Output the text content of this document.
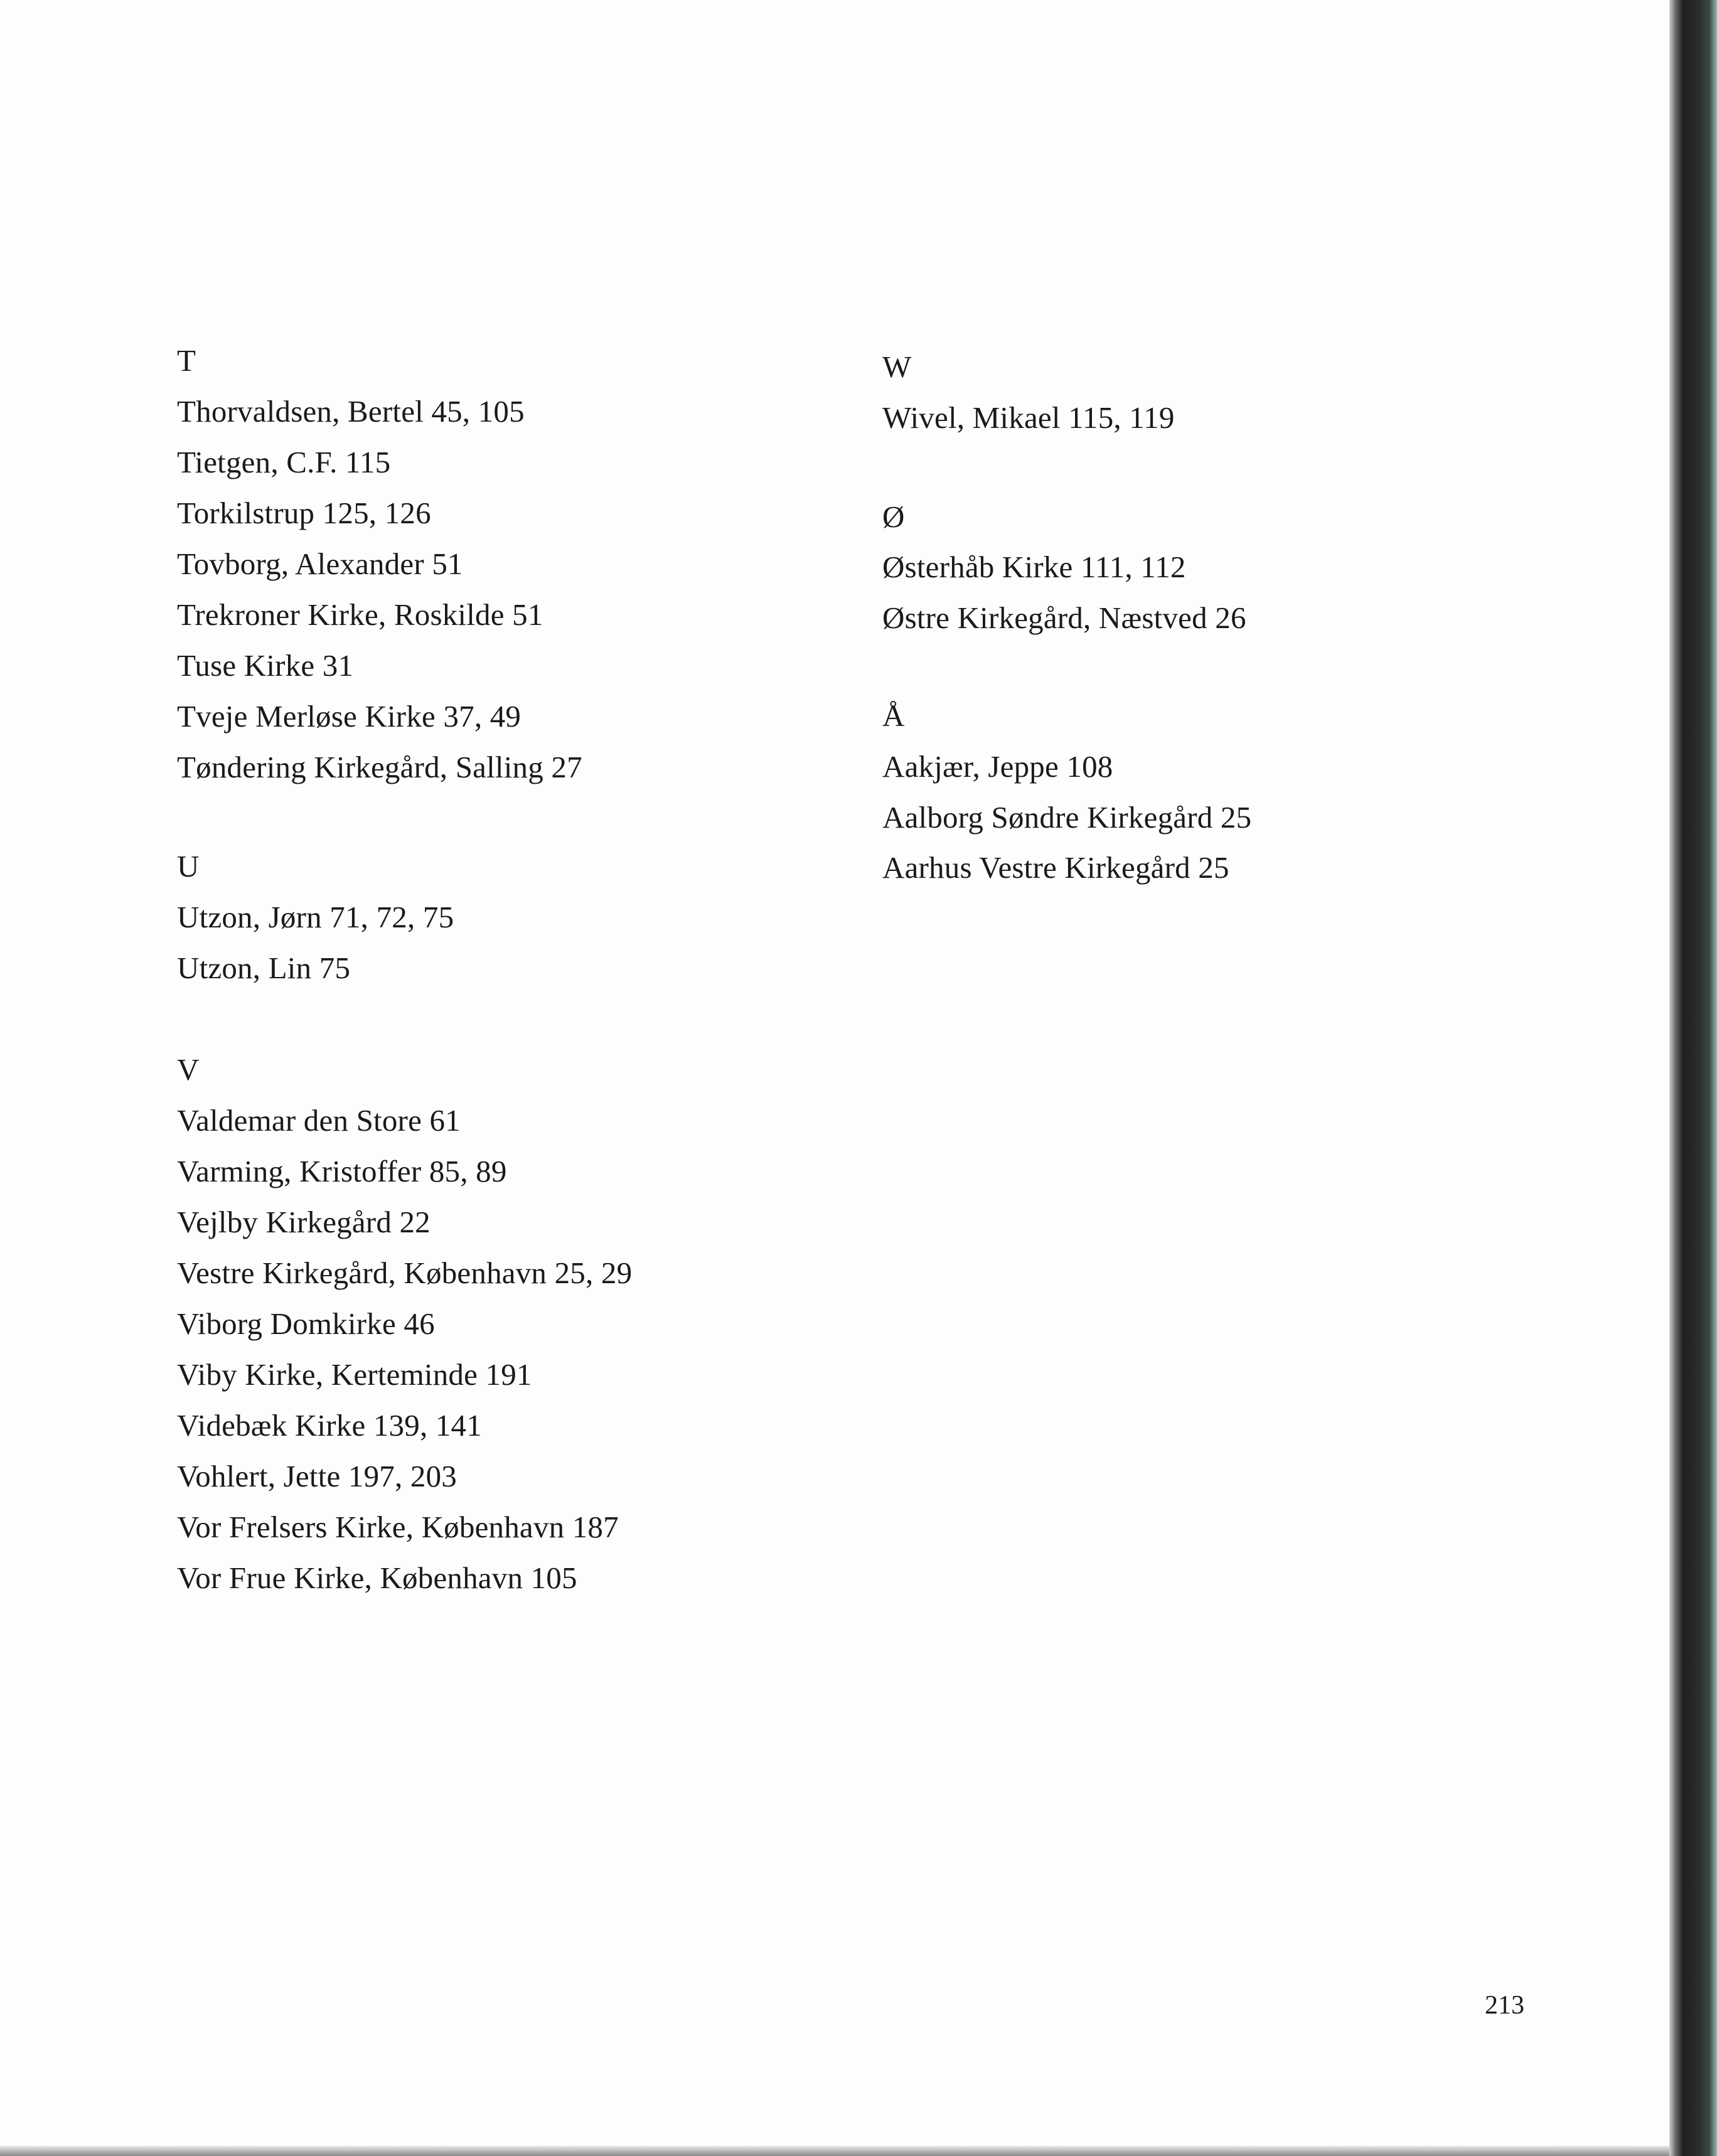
T
Thorvaldsen, Bertel 45, 105
Tietgen, C.F. 115
Torkilstrup 125, 126
Tovborg, Alexander 51
Trekroner Kirke, Roskilde 51
Tuse Kirke 31
Tveje Merløse Kirke 37, 49
Tøndering Kirkegård, Salling 27
U
Utzon, Jørn 71, 72, 75
Utzon, Lin 75
V
Valdemar den Store 61
Varming, Kristoffer 85, 89
Vejlby Kirkegård 22
Vestre Kirkegård, København 25, 29
Viborg Domkirke 46
Viby Kirke, Kerteminde 191
Videbæk Kirke 139, 141
Vohlert, Jette 197, 203
Vor Frelsers Kirke, København 187
Vor Frue Kirke, København 105
W
Wivel, Mikael 115, 119
Ø
Østerhåb Kirke 111, 112
Østre Kirkegård, Næstved 26
Å
Aakjær, Jeppe 108
Aalborg Søndre Kirkegård 25
Aarhus Vestre Kirkegård 25
213
